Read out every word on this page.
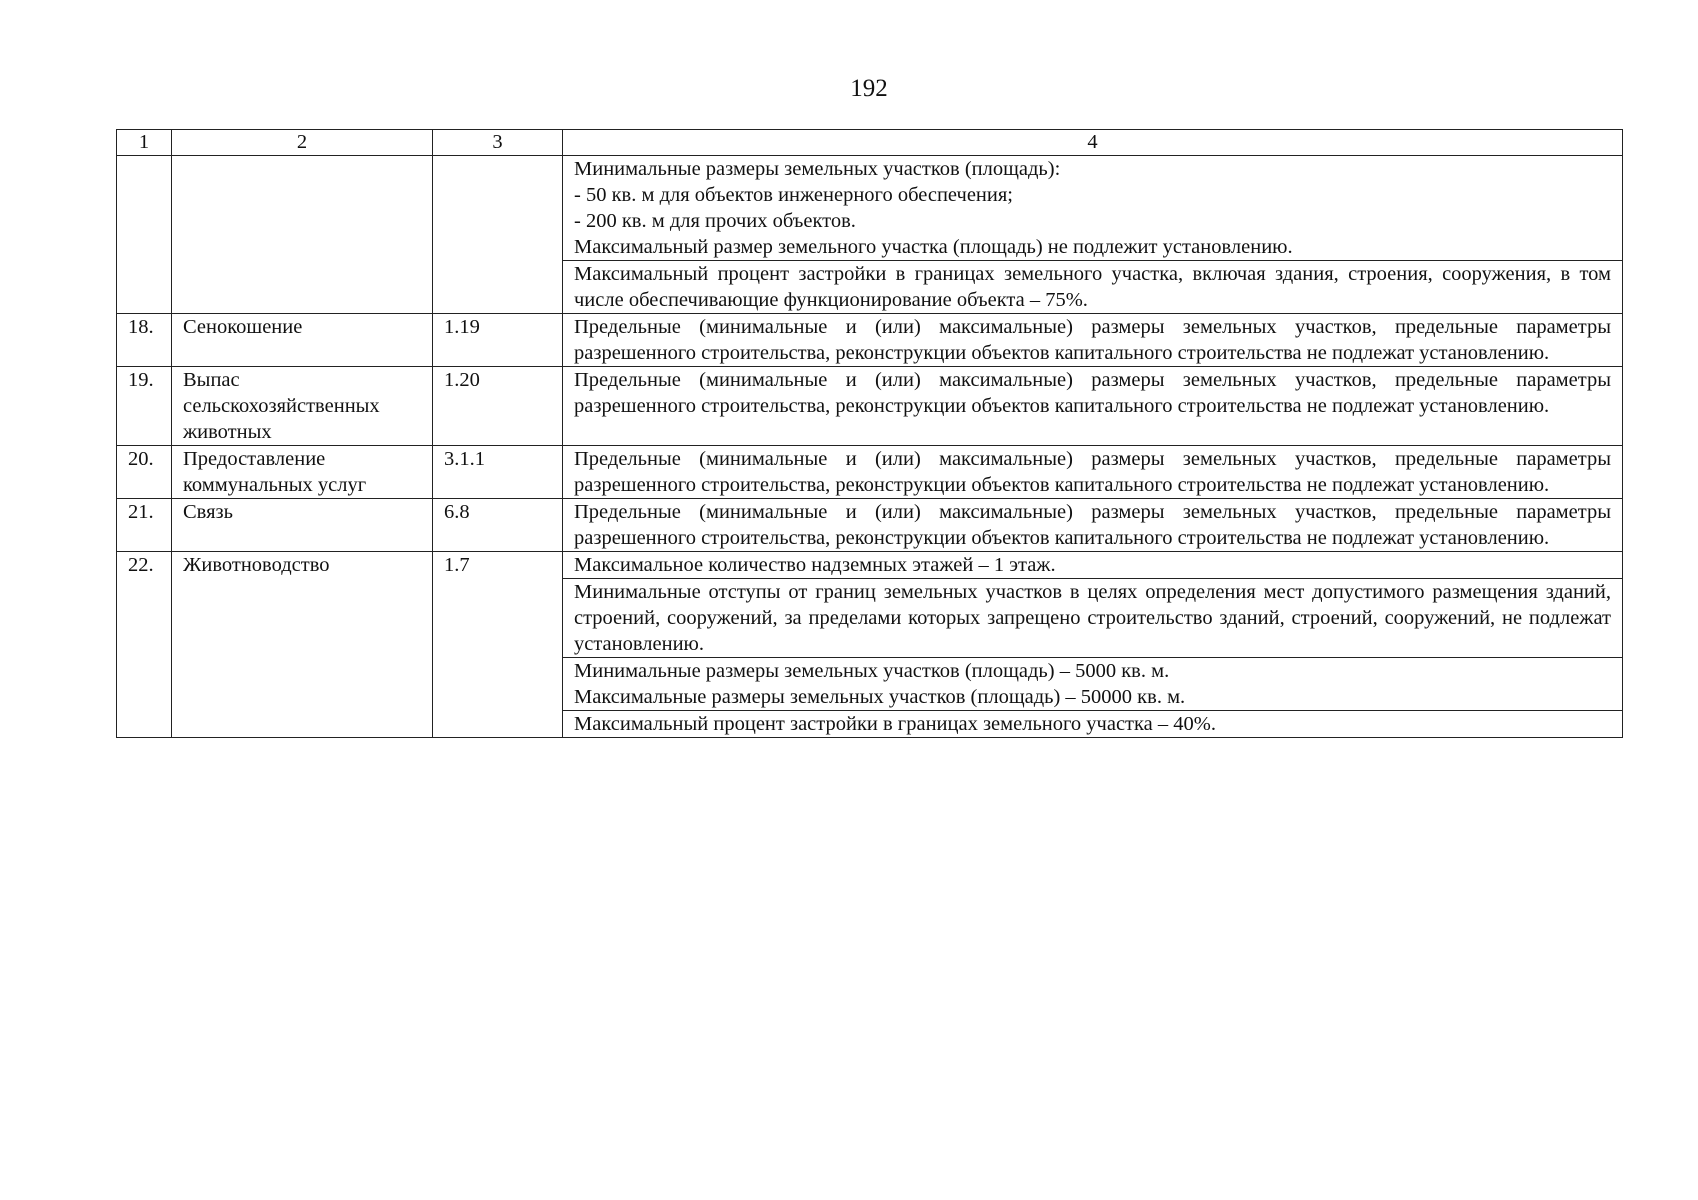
192
1	2	3	4

			Минимальные размеры земельных участков (площадь):
- 50 кв. м для объектов инженерного обеспечения;
- 200 кв. м для прочих объектов.
Максимальный размер земельного участка (площадь) не подлежит установлению.

			Максимальный процент застройки в границах земельного участка, включая здания, строения, сооружения, в том числе обеспечивающие функционирование объекта – 75%.
18.	Сенокошение	1.19	Предельные (минимальные и (или) максимальные) размеры земельных участков, предельные параметры разрешенного строительства, реконструкции объектов капитального строительства не подлежат установлению.
19.	Выпас сельскохозяйственных животных	1.20	Предельные (минимальные и (или) максимальные) размеры земельных участков, предельные параметры разрешенного строительства, реконструкции объектов капитального строительства не подлежат установлению.
20.	Предоставление коммунальных услуг	3.1.1	Предельные (минимальные и (или) максимальные) размеры земельных участков, предельные параметры разрешенного строительства, реконструкции объектов капитального строительства не подлежат установлению.
21.	Связь	6.8	Предельные (минимальные и (или) максимальные) размеры земельных участков, предельные параметры разрешенного строительства, реконструкции объектов капитального строительства не подлежат установлению.
22.	Животноводство	1.7	Максимальное количество надземных этажей – 1 этаж.
			Минимальные отступы от границ земельных участков в целях определения мест допустимого размещения зданий, строений, сооружений, за пределами которых запрещено строительство зданий, строений, сооружений, не подлежат установлению.

			Минимальные размеры земельных участков (площадь) – 5000 кв. м.
Максимальные размеры земельных участков (площадь) – 50000 кв. м.

			Максимальный процент застройки в границах земельного участка – 40%.
